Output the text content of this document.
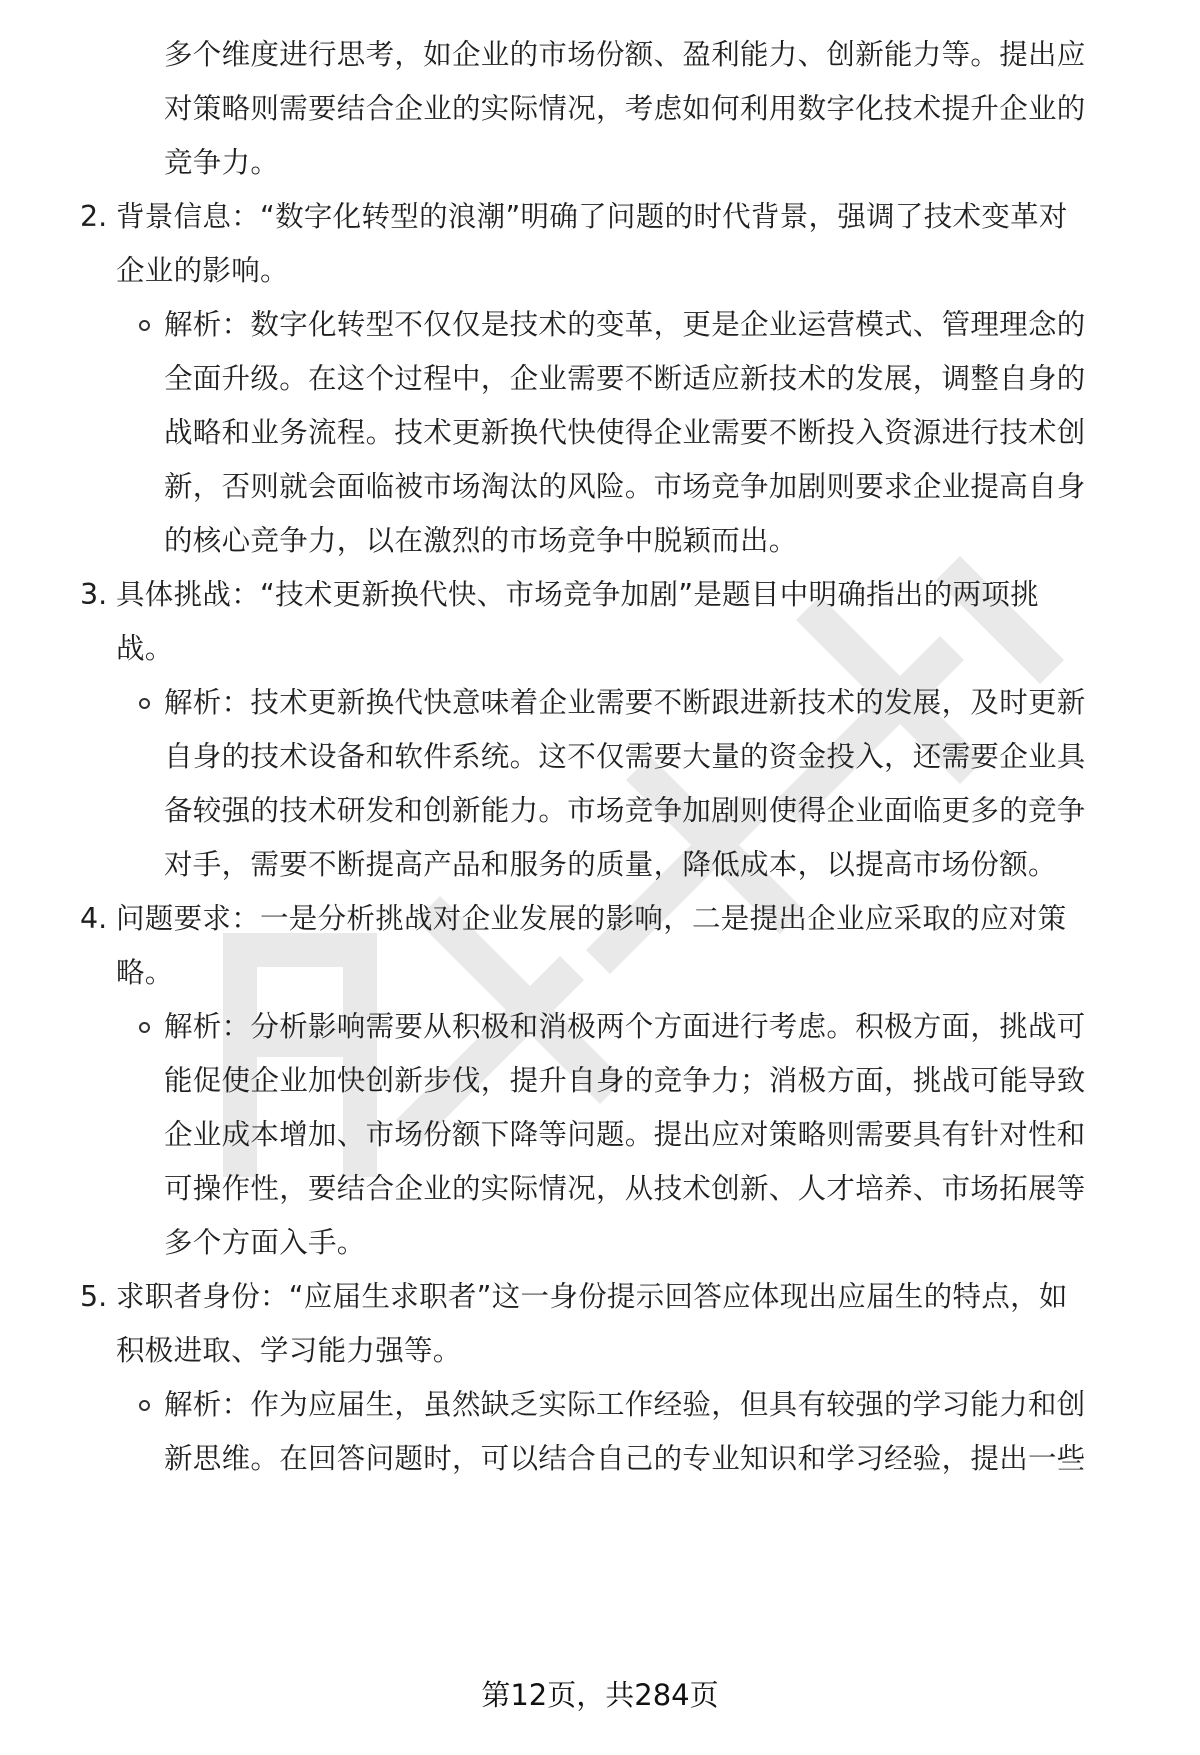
多个维度进行思考，如企业的市场份额、盈利能力、创新能力等。提出应
对策略则需要结合企业的实际情况，考虑如何利用数字化技术提升企业的
竞争力。
2. 背景信息：“数字化转型的浪潮”明确了问题的时代背景，强调了技术变革对
企业的影响。
解析：数字化转型不仅仅是技术的变革，更是企业运营模式、管理理念的
全面升级。在这个过程中，企业需要不断适应新技术的发展，调整自身的
战略和业务流程。技术更新换代快使得企业需要不断投入资源进行技术创
新，否则就会面临被市场淘汰的风险。市场竞争加剧则要求企业提高自身
的核心竞争力，以在激烈的市场竞争中脱颖而出。
3. 具体挑战：“技术更新换代快、市场竞争加剧”是题目中明确指出的两项挑
战。
解析：技术更新换代快意味着企业需要不断跟进新技术的发展，及时更新
自身的技术设备和软件系统。这不仅需要大量的资金投入，还需要企业具
备较强的技术研发和创新能力。市场竞争加剧则使得企业面临更多的竞争
对手，需要不断提高产品和服务的质量，降低成本，以提高市场份额。
4. 问题要求：一是分析挑战对企业发展的影响，二是提出企业应采取的应对策
略。
解析：分析影响需要从积极和消极两个方面进行考虑。积极方面，挑战可
能促使企业加快创新步伐，提升自身的竞争力；消极方面，挑战可能导致
企业成本增加、市场份额下降等问题。提出应对策略则需要具有针对性和
可操作性，要结合企业的实际情况，从技术创新、人才培养、市场拓展等
多个方面入手。
5. 求职者身份：“应届生求职者”这一身份提示回答应体现出应届生的特点，如
积极进取、学习能力强等。
解析：作为应届生，虽然缺乏实际工作经验，但具有较强的学习能力和创
新思维。在回答问题时，可以结合自己的专业知识和学习经验，提出一些
第12页，共284页
